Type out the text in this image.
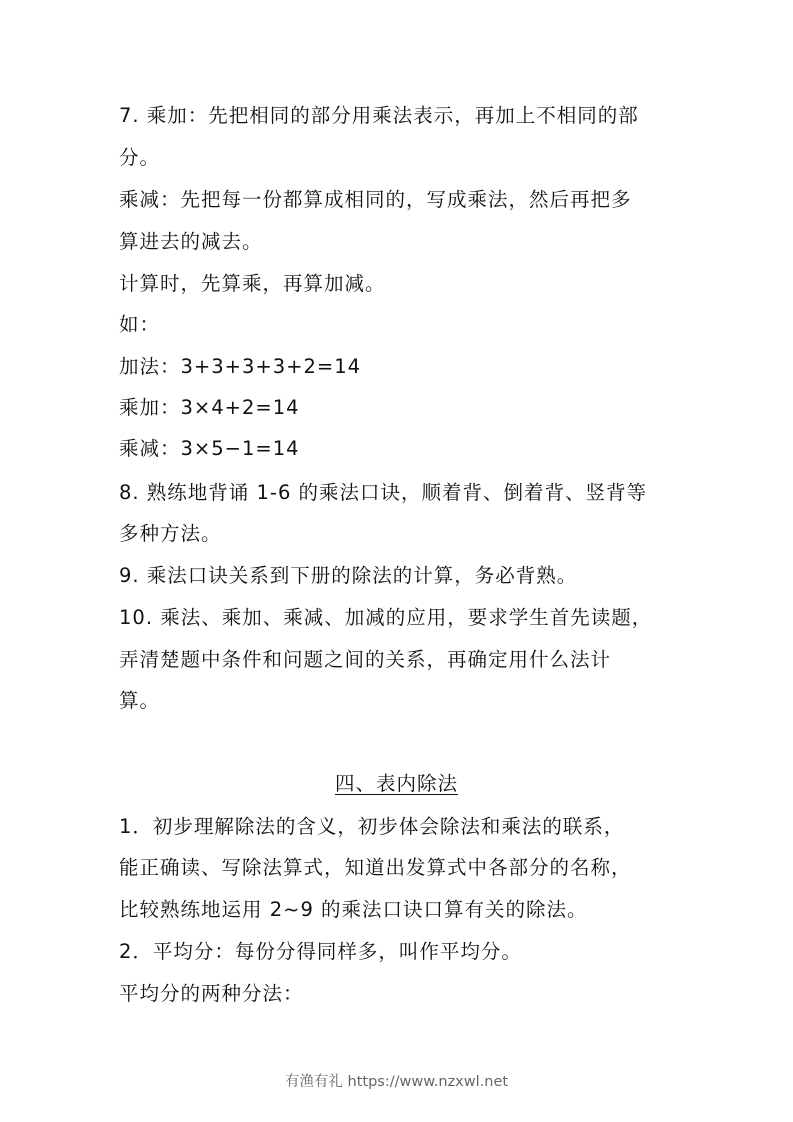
7. 乘加：先把相同的部分用乘法表示，再加上不相同的部
分。
乘减：先把每一份都算成相同的，写成乘法，然后再把多
算进去的减去。
计算时，先算乘，再算加减。
如：
加法：3+3+3+3+2=14
乘加：3×4+2=14
乘减：3×5−1=14
8. 熟练地背诵 1-6 的乘法口诀，顺着背、倒着背、竖背等
多种方法。
9. 乘法口诀关系到下册的除法的计算，务必背熟。
10. 乘法、乘加、乘减、加减的应用，要求学生首先读题，
弄清楚题中条件和问题之间的关系，再确定用什么法计
算。
四、表内除法
1．初步理解除法的含义，初步体会除法和乘法的联系，
能正确读、写除法算式，知道出发算式中各部分的名称，
比较熟练地运用 2~9 的乘法口诀口算有关的除法。
2．平均分：每份分得同样多，叫作平均分。
平均分的两种分法：
有渔有礼 https://www.nzxwl.net
